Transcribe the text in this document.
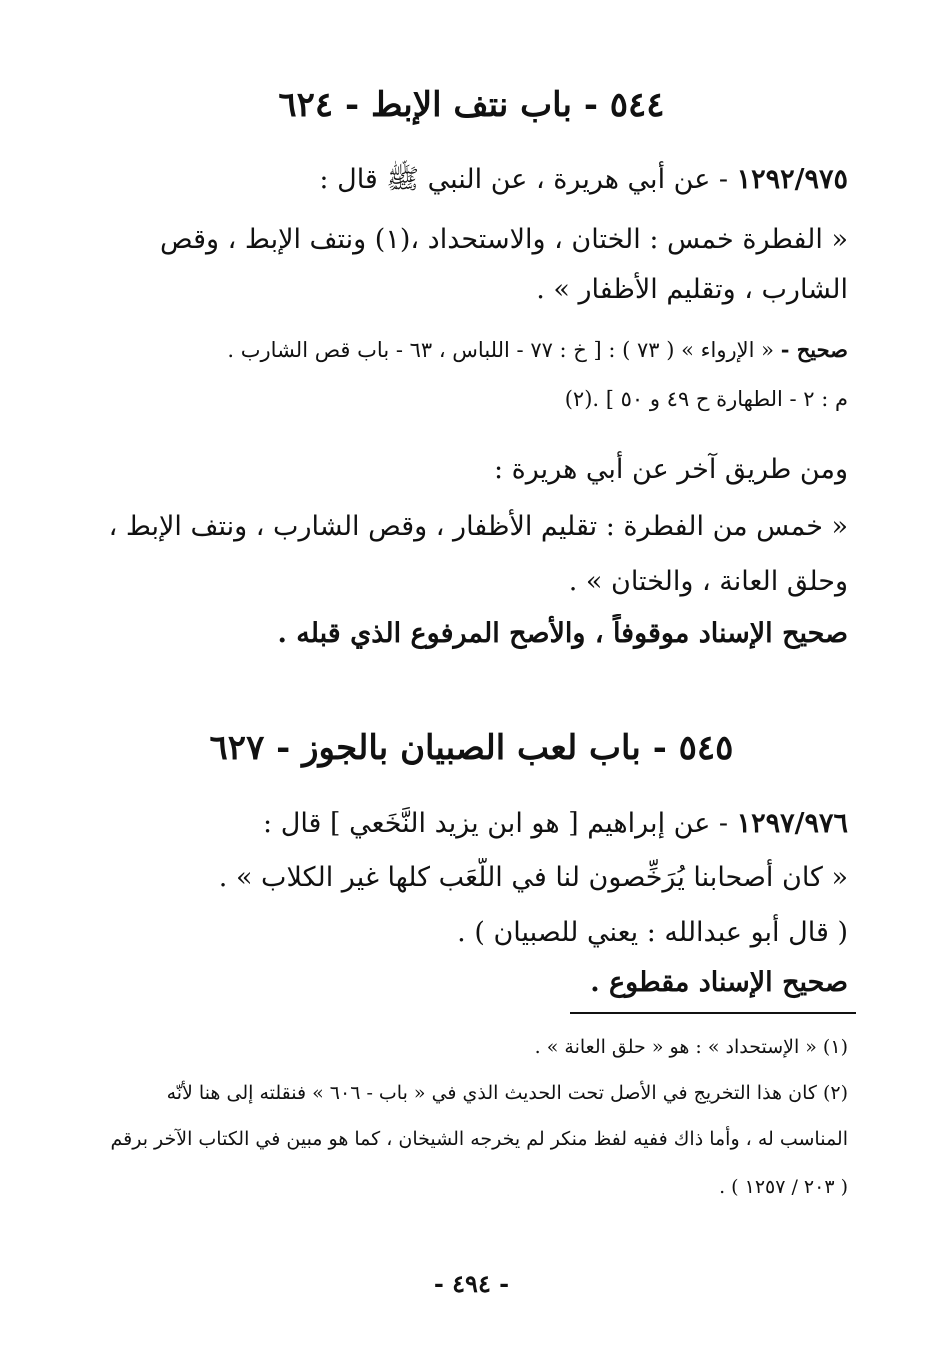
٥٤٤ - باب نتف الإبط - ٦٢٤
١٢٩٢/٩٧٥ - عن أبي هريرة ، عن النبي ﷺ قال :
« الفطرة خمس : الختان ، والاستحداد ،(١) ونتف الإبط ، وقص
الشارب ، وتقليم الأظفار » .
صحيح - « الإرواء » ( ٧٣ ) : [ خ : ٧٧ - اللباس ، ٦٣ - باب قص الشارب .
م : ٢ - الطهارة ح ٤٩ و ٥٠ ] .(٢)
ومن طريق آخر عن أبي هريرة :
« خمس من الفطرة : تقليم الأظفار ، وقص الشارب ، ونتف الإبط ،
وحلق العانة ، والختان » .
صحيح الإسناد موقوفاً ، والأصح المرفوع الذي قبله .
٥٤٥ - باب لعب الصبيان بالجوز - ٦٢٧
١٢٩٧/٩٧٦ - عن إبراهيم [ هو ابن يزيد النَّخَعي ] قال :
« كان أصحابنا يُرَخِّصون لنا في اللُّعَب كلها غير الكلاب » .
( قال أبو عبدالله : يعني للصبيان ) .
صحيح الإسناد مقطوع .
(١) « الإستحداد » : هو « حلق العانة » .
(٢) كان هذا التخريج في الأصل تحت الحديث الذي في « باب - ٦٠٦ » فنقلته إلى هنا لأنّه
المناسب له ، وأما ذاك ففيه لفظ منكر لم يخرجه الشيخان ، كما هو مبين في الكتاب الآخر برقم
( ٢٠٣ / ١٢٥٧ ) .
- ٤٩٤ -
